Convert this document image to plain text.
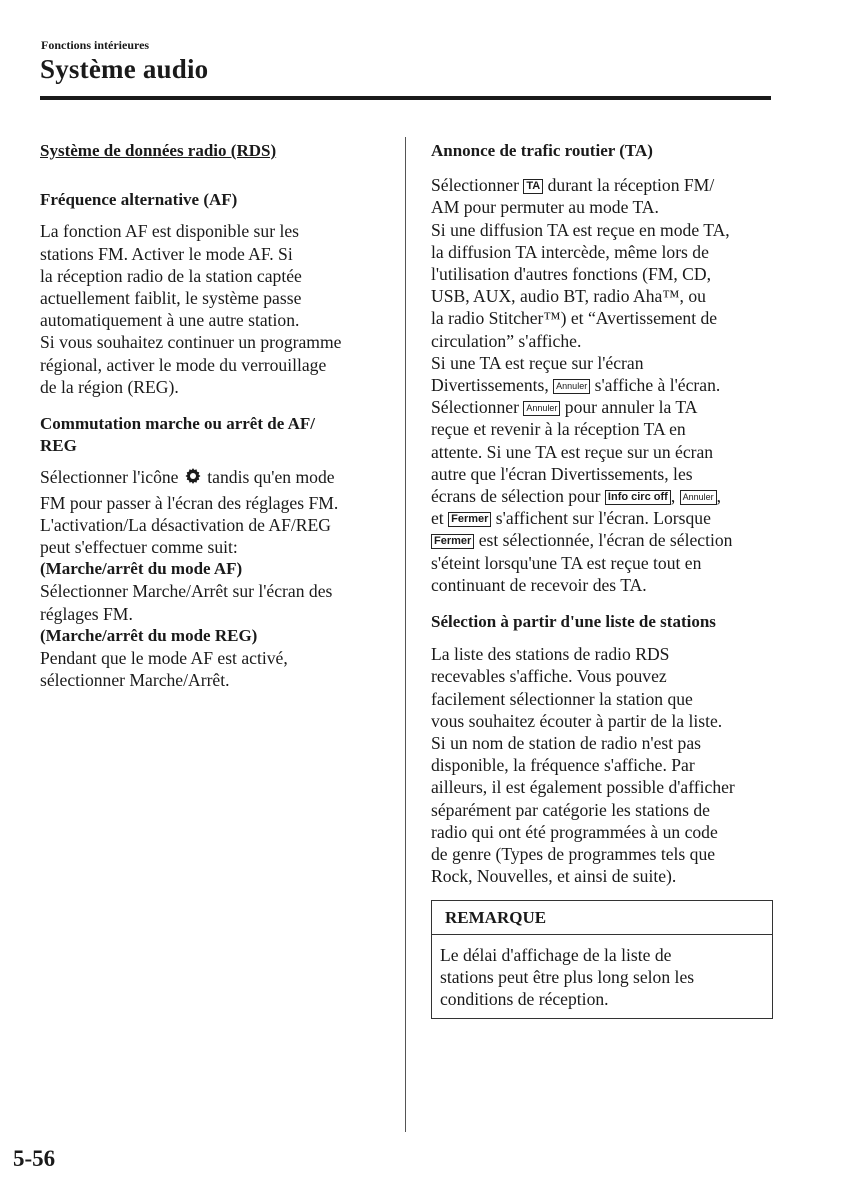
Fonctions intérieures
Système audio

Système de données radio (RDS)

Fréquence alternative (AF)

La fonction AF est disponible sur les

stations FM. Activer le mode AF. Si

la réception radio de la station captée

actuellement faiblit, le système passe

automatiquement à une autre station.

Si vous souhaitez continuer un programme

régional, activer le mode du verrouillage

de la région (REG).

Commutation marche ou arrêt de AF/

REG

Sélectionner l'icône  tandis qu'en mode

FM pour passer à l'écran des réglages FM.

L'activation/La désactivation de AF/REG

peut s'effectuer comme suit:

(Marche/arrêt du mode AF)

Sélectionner Marche/Arrêt sur l'écran des

réglages FM.

(Marche/arrêt du mode REG)

Pendant que le mode AF est activé,

sélectionner Marche/Arrêt.

Annonce de trafic routier (TA)

Sélectionner TA durant la réception FM/

AM pour permuter au mode TA.

Si une diffusion TA est reçue en mode TA,

la diffusion TA intercède, même lors de

l'utilisation d'autres fonctions (FM, CD,

USB, AUX, audio BT, radio Aha™, ou

la radio Stitcher™) et “Avertissement de

circulation” s'affiche.

Si une TA est reçue sur l'écran

Divertissements, Annuler s'affiche à l'écran.

Sélectionner Annuler pour annuler la TA

reçue et revenir à la réception TA en

attente. Si une TA est reçue sur un écran

autre que l'écran Divertissements, les

écrans de sélection pour Info circ off , Annuler ,

et Fermer s'affichent sur l'écran. Lorsque

Fermer est sélectionnée, l'écran de sélection

s'éteint lorsqu'une TA est reçue tout en

continuant de recevoir des TA.

Sélection à partir d'une liste de stations

La liste des stations de radio RDS

recevables s'affiche. Vous pouvez

facilement sélectionner la station que

vous souhaitez écouter à partir de la liste.

Si un nom de station de radio n'est pas

disponible, la fréquence s'affiche. Par

ailleurs, il est également possible d'afficher

séparément par catégorie les stations de

radio qui ont été programmées à un code

de genre (Types de programmes tels que

Rock, Nouvelles, et ainsi de suite).

REMARQUE

Le délai d'affichage de la liste de

stations peut être plus long selon les

conditions de réception.

5-56
